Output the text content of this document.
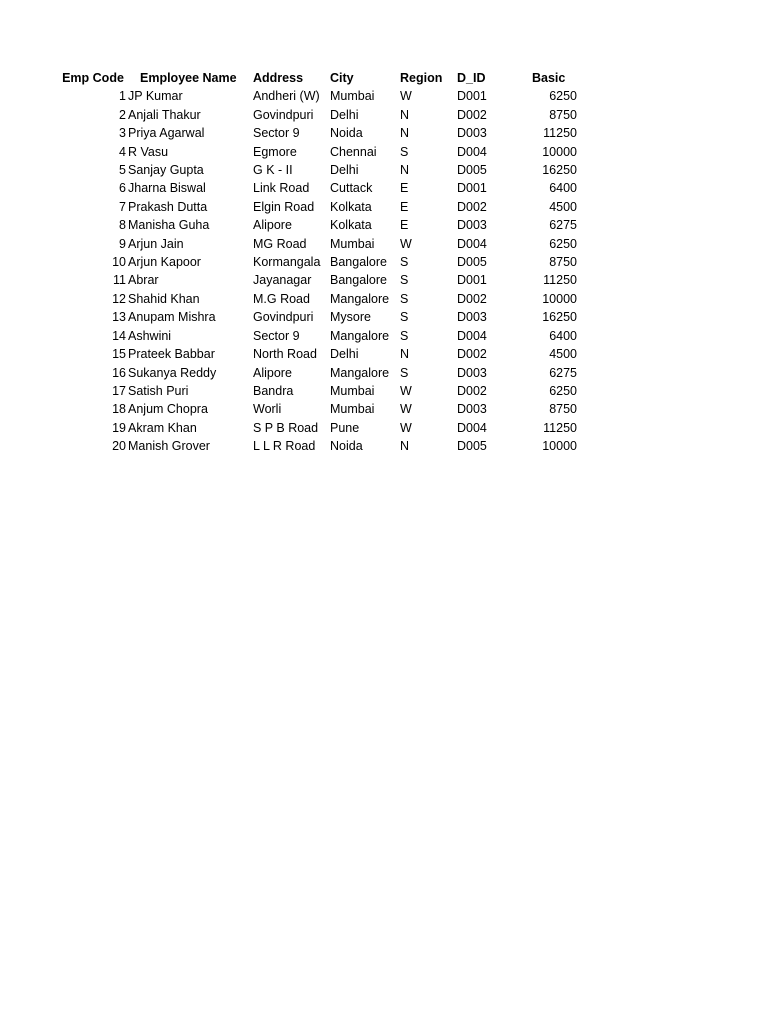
Emp Code	Employee Name	Address	City	Region	D_ID	Basic
1	JP Kumar	Andheri (W)	Mumbai	W	D001	6250
2	Anjali Thakur	Govindpuri	Delhi	N	D002	8750
3	Priya Agarwal	Sector 9	Noida	N	D003	11250
4	R Vasu	Egmore	Chennai	S	D004	10000
5	Sanjay Gupta	G K - II	Delhi	N	D005	16250
6	Jharna Biswal	Link Road	Cuttack	E	D001	6400
7	Prakash Dutta	Elgin Road	Kolkata	E	D002	4500
8	Manisha Guha	Alipore	Kolkata	E	D003	6275
9	Arjun Jain	MG Road	Mumbai	W	D004	6250
10	Arjun Kapoor	Kormangala	Bangalore	S	D005	8750
11	Abrar	Jayanagar	Bangalore	S	D001	11250
12	Shahid Khan	M.G Road	Mangalore	S	D002	10000
13	Anupam Mishra	Govindpuri	Mysore	S	D003	16250
14	Ashwini	Sector 9	Mangalore	S	D004	6400
15	Prateek Babbar	North Road	Delhi	N	D002	4500
16	Sukanya Reddy	Alipore	Mangalore	S	D003	6275
17	Satish Puri	Bandra	Mumbai	W	D002	6250
18	Anjum Chopra	Worli	Mumbai	W	D003	8750
19	Akram Khan	S P B Road	Pune	W	D004	11250
20	Manish Grover	L L R Road	Noida	N	D005	10000
